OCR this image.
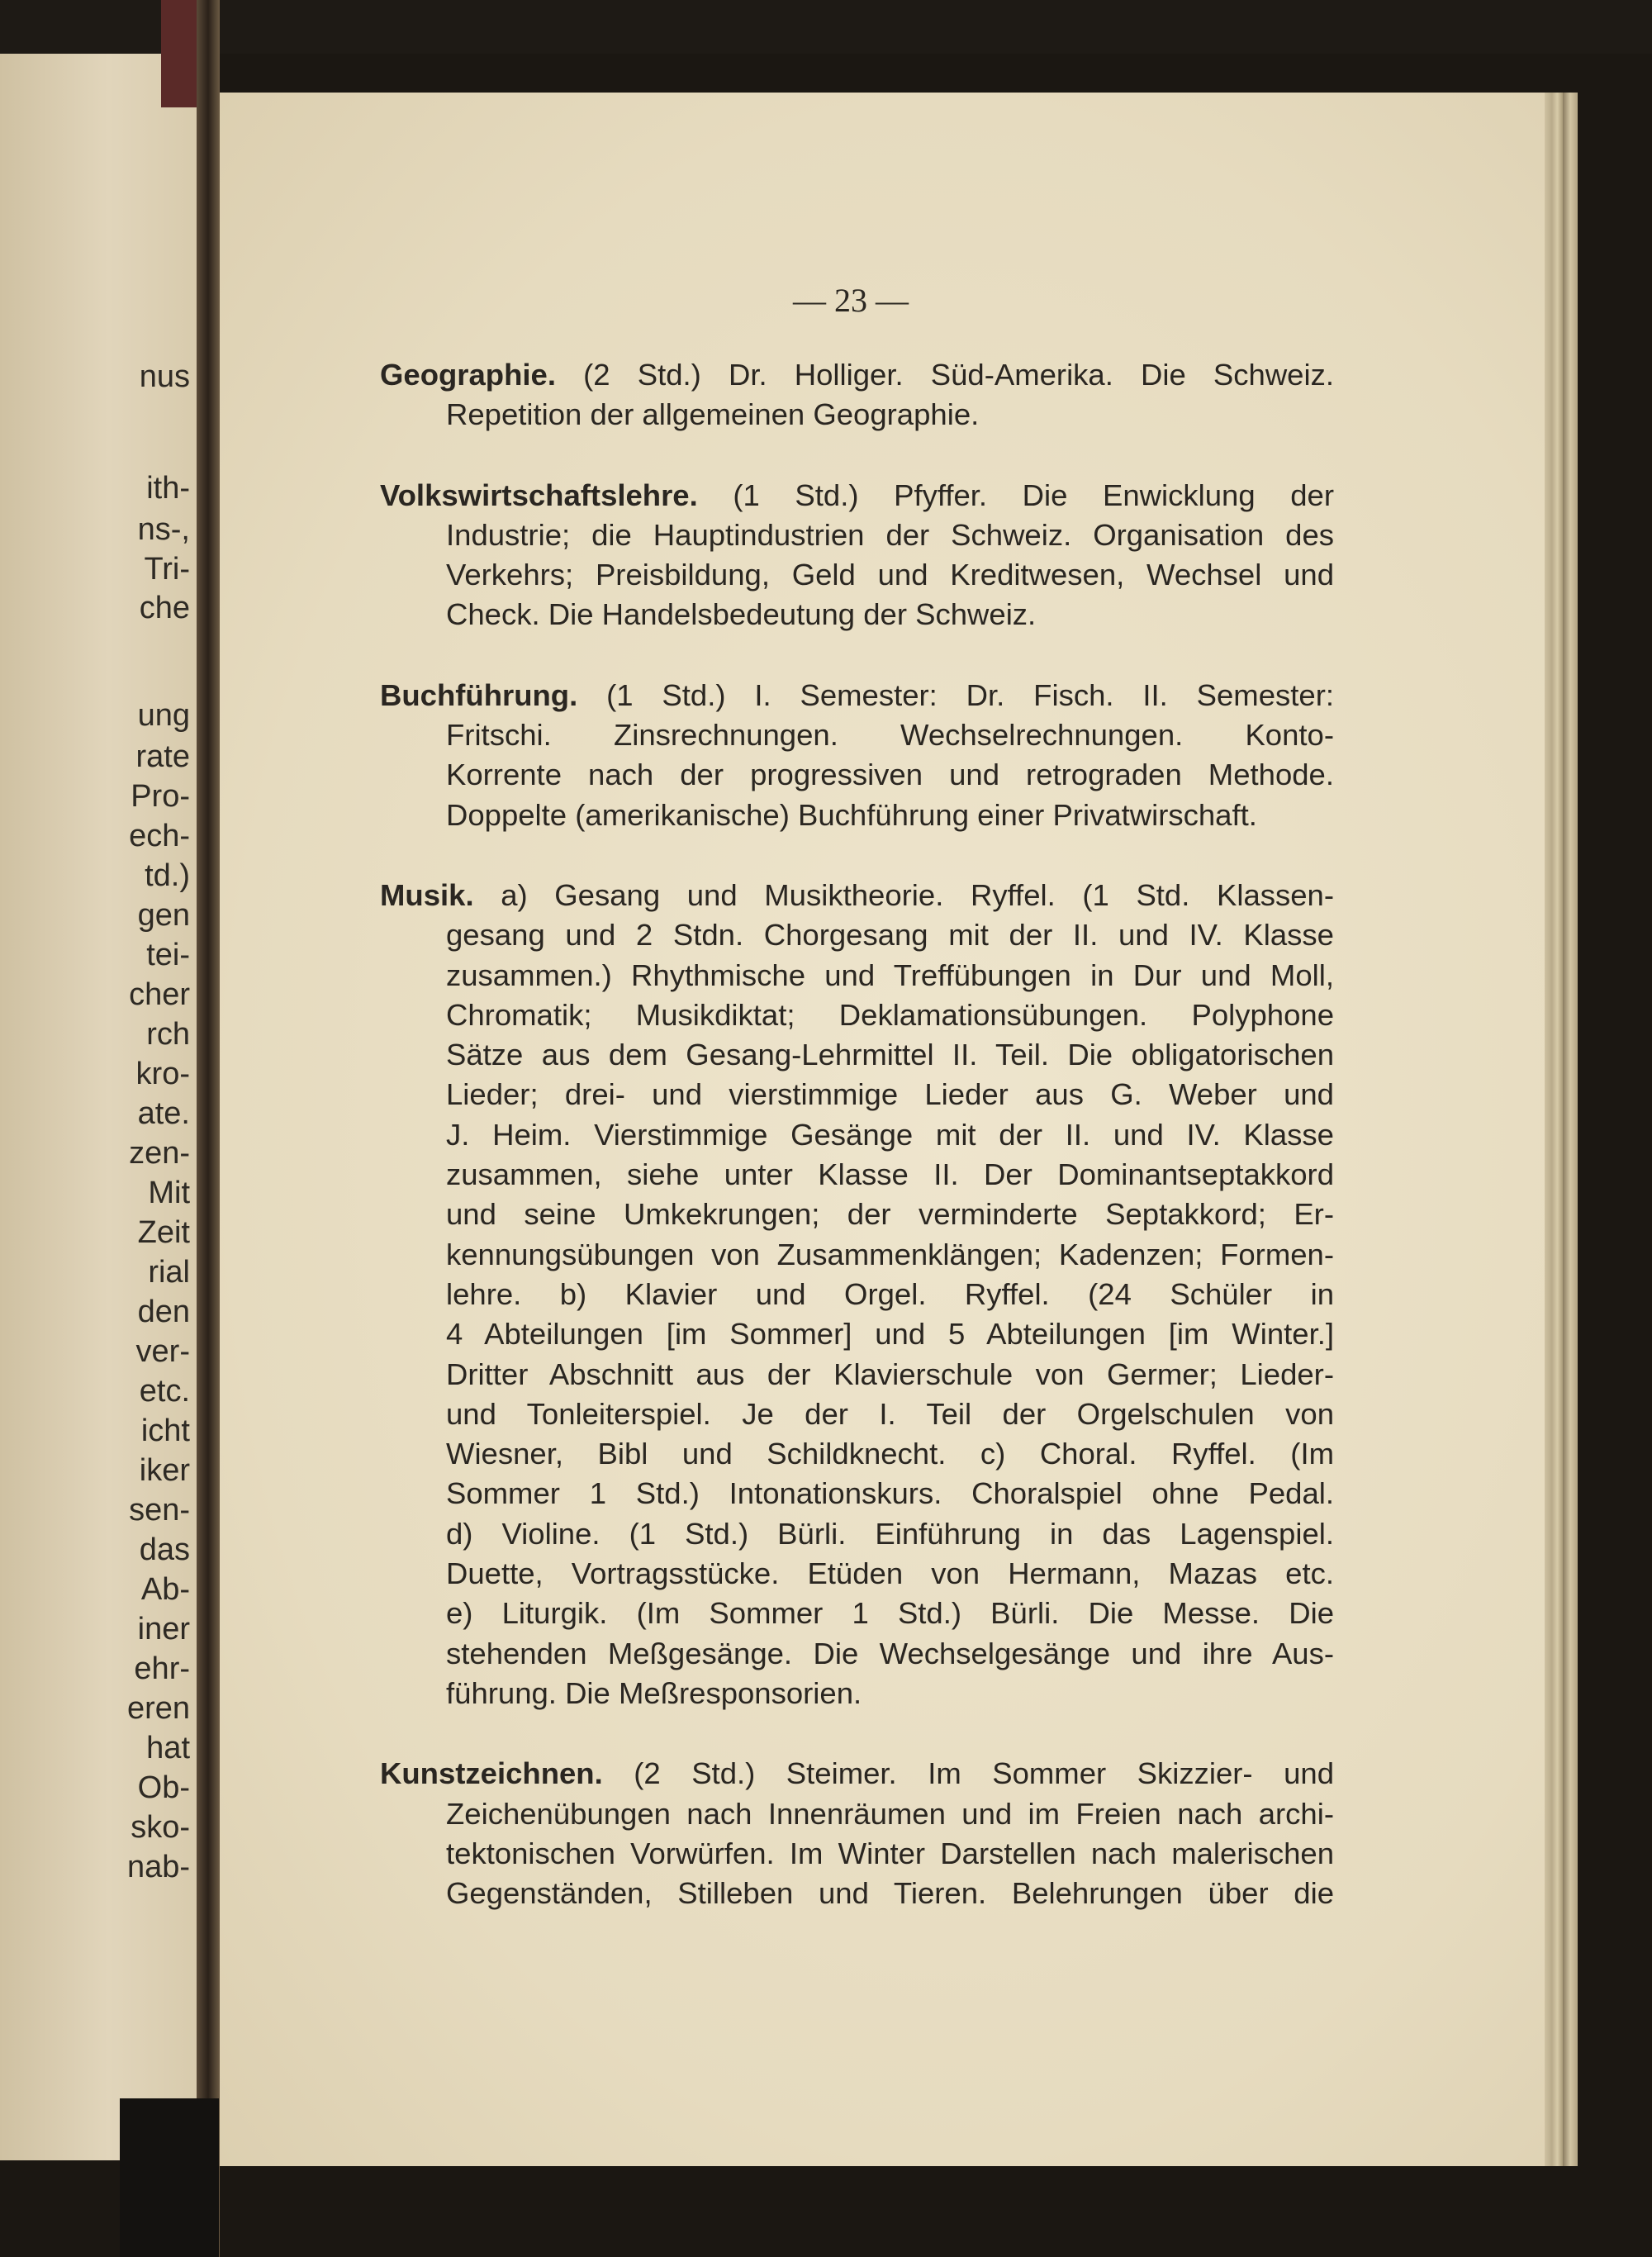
nus
ith-
ns-,
Tri-
che
ung
rate
Pro-
ech-
td.)
gen
tei-
cher
rch
kro-
ate.
zen-
Mit
Zeit
rial
den
ver-
etc.
icht
iker
sen-
das
Ab-
iner
ehr-
eren
hat
Ob-
sko-
nab-
— 23 —
Geographie. (2 Std.) Dr. Holliger. Süd-Amerika. Die Schweiz.
Repetition der allgemeinen Geographie.
Volkswirtschaftslehre. (1 Std.) Pfyffer. Die Enwicklung der
Industrie; die Hauptindustrien der Schweiz. Organisation des
Verkehrs; Preisbildung, Geld und Kreditwesen, Wechsel und
Check. Die Handelsbedeutung der Schweiz.
Buchführung. (1 Std.) I. Semester: Dr. Fisch. II. Semester:
Fritschi. Zinsrechnungen. Wechselrechnungen. Konto-
Korrente nach der progressiven und retrograden Methode.
Doppelte (amerikanische) Buchführung einer Privatwirschaft.
Musik. a) Gesang und Musiktheorie. Ryffel. (1 Std. Klassen-
gesang und 2 Stdn. Chorgesang mit der II. und IV. Klasse
zusammen.) Rhythmische und Treffübungen in Dur und Moll,
Chromatik; Musikdiktat; Deklamationsübungen. Polyphone
Sätze aus dem Gesang-Lehrmittel II. Teil. Die obligatorischen
Lieder; drei- und vierstimmige Lieder aus G. Weber und
J. Heim. Vierstimmige Gesänge mit der II. und IV. Klasse
zusammen, siehe unter Klasse II. Der Dominantseptakkord
und seine Umkekrungen; der verminderte Septakkord; Er-
kennungsübungen von Zusammenklängen; Kadenzen; Formen-
lehre. b) Klavier und Orgel. Ryffel. (24 Schüler in
4 Abteilungen [im Sommer] und 5 Abteilungen [im Winter.]
Dritter Abschnitt aus der Klavierschule von Germer; Lieder-
und Tonleiterspiel. Je der I. Teil der Orgelschulen von
Wiesner, Bibl und Schildknecht. c) Choral. Ryffel. (Im
Sommer 1 Std.) Intonationskurs. Choralspiel ohne Pedal.
d) Violine. (1 Std.) Bürli. Einführung in das Lagenspiel.
Duette, Vortragsstücke. Etüden von Hermann, Mazas etc.
e) Liturgik. (Im Sommer 1 Std.) Bürli. Die Messe. Die
stehenden Meßgesänge. Die Wechselgesänge und ihre Aus-
führung. Die Meßresponsorien.
Kunstzeichnen. (2 Std.) Steimer. Im Sommer Skizzier- und
Zeichenübungen nach Innenräumen und im Freien nach archi-
tektonischen Vorwürfen. Im Winter Darstellen nach malerischen
Gegenständen, Stilleben und Tieren. Belehrungen über die
